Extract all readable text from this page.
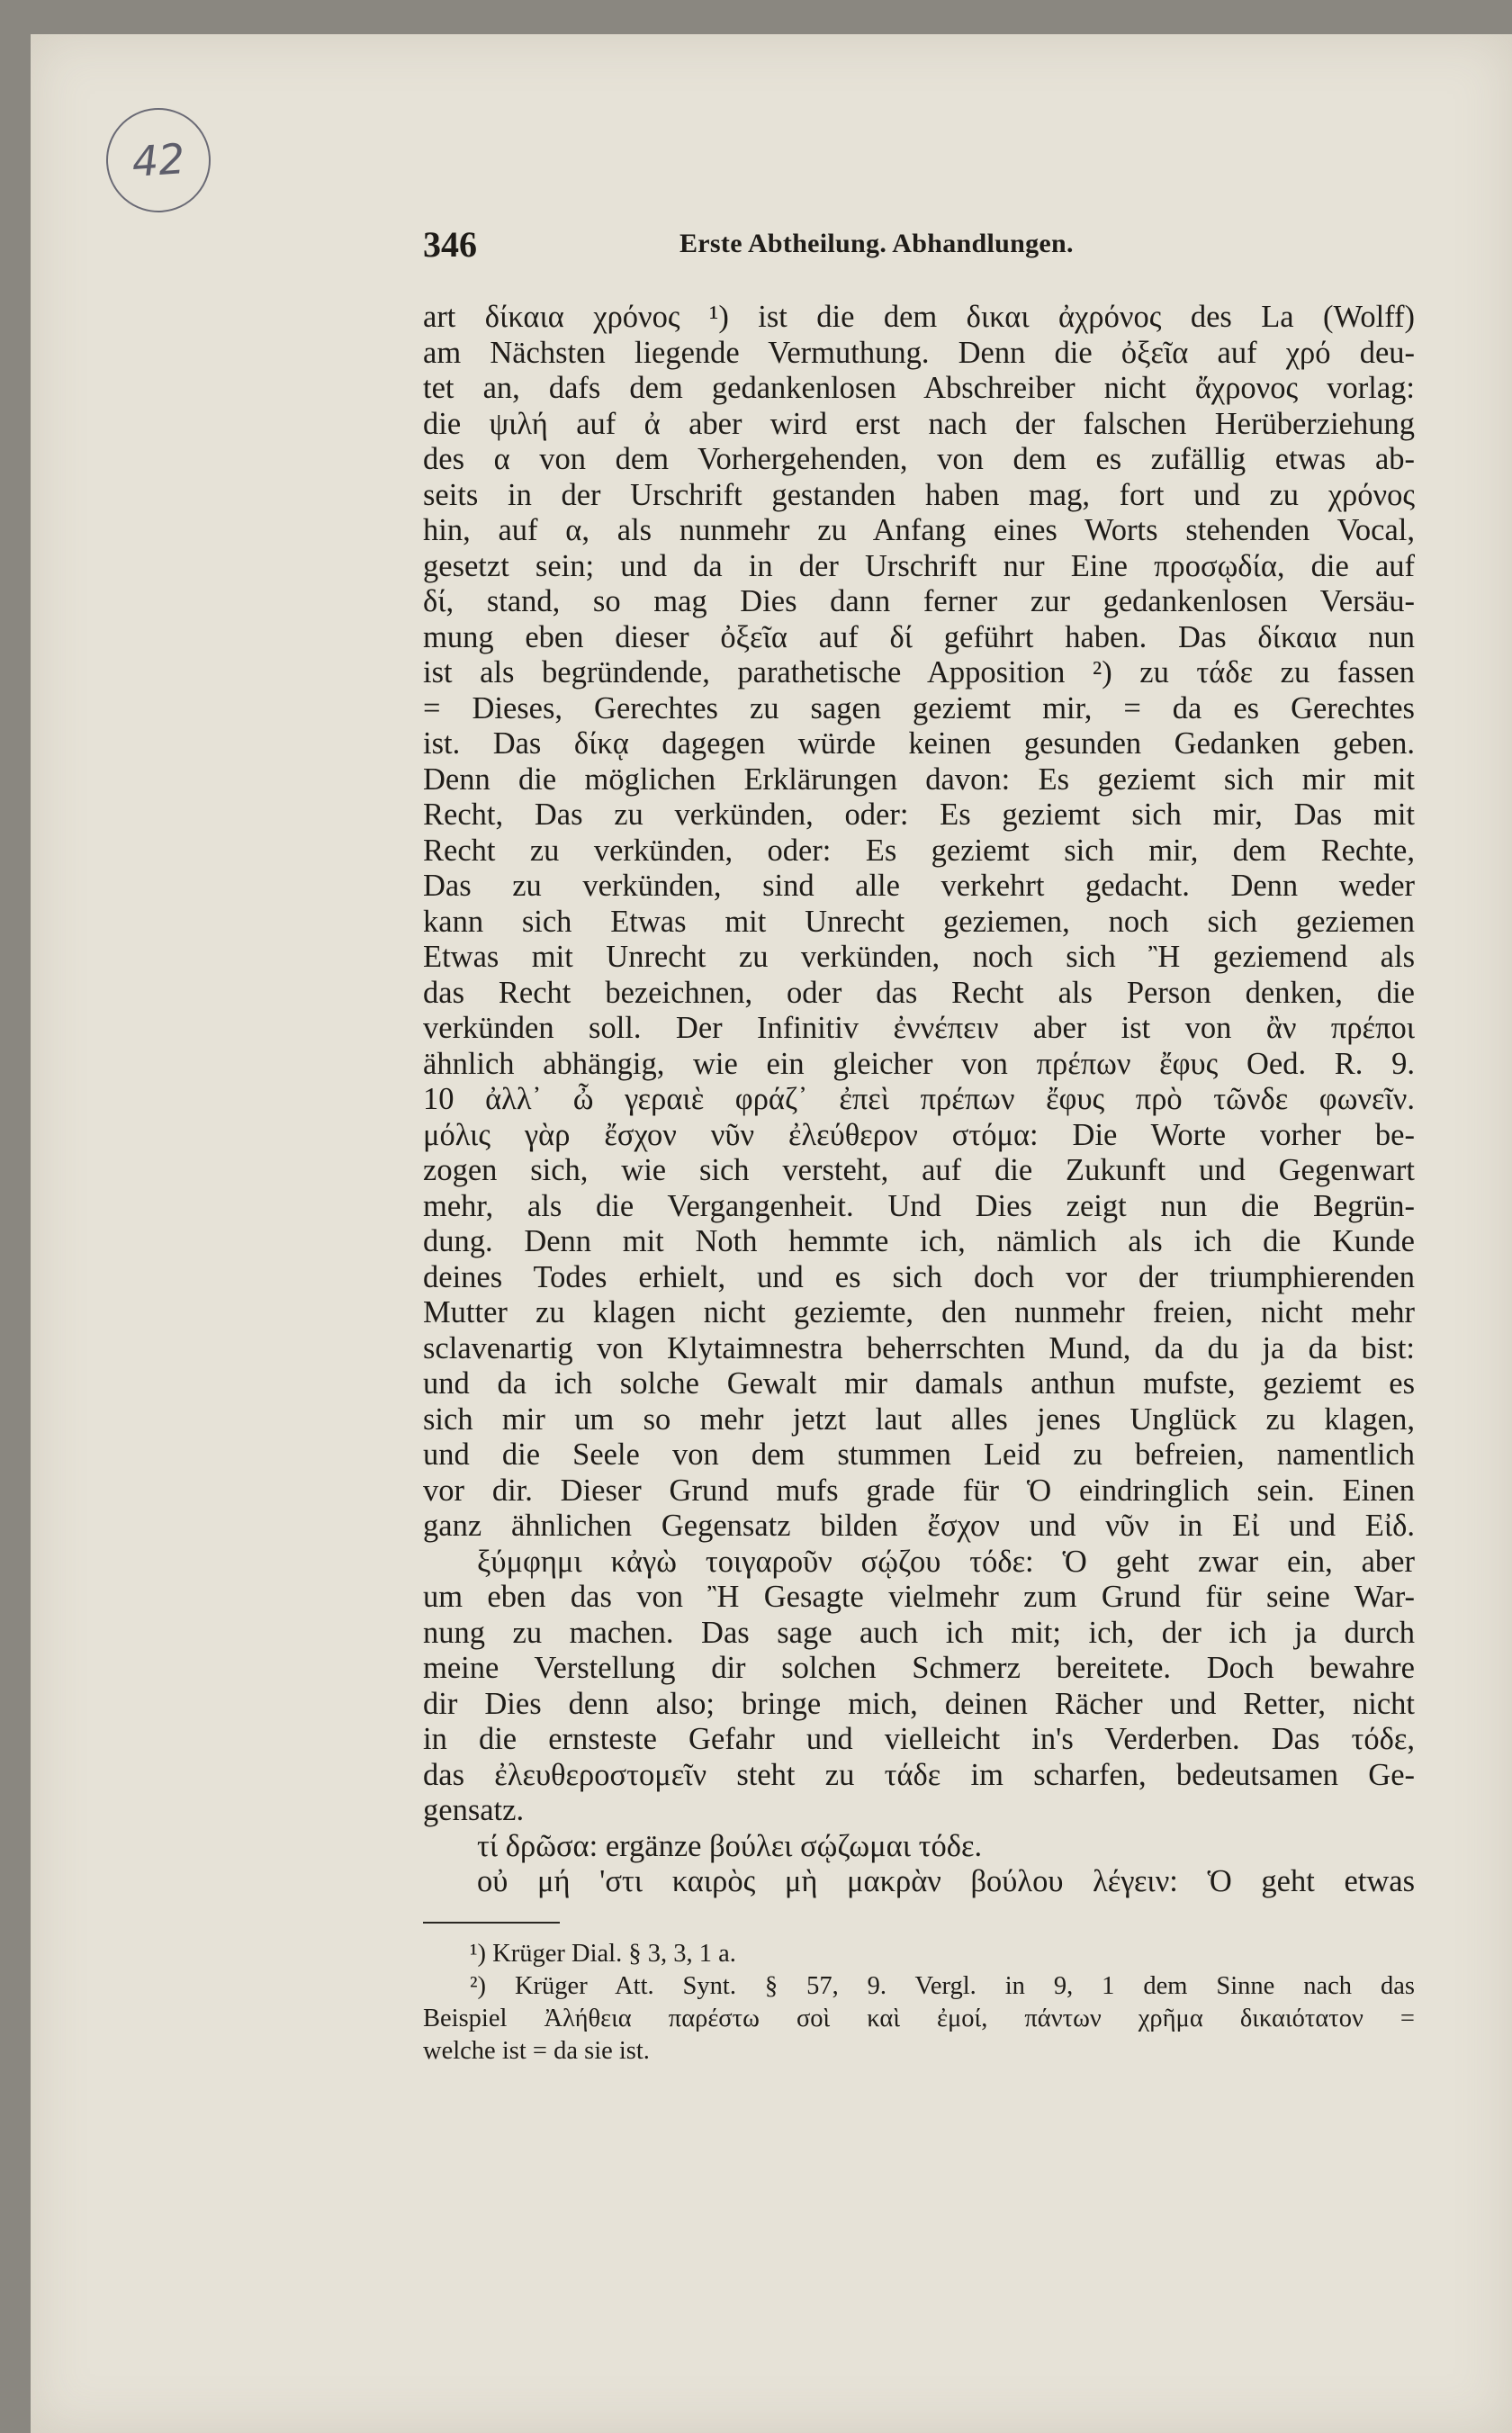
42
346	Erste Abtheilung. Abhandlungen.
art δίκαια χρόνος ¹) ist die dem δικαι ἀχρόνος des La (Wolff)
am Nächsten liegende Vermuthung. Denn die ὀξεῖα auf χρό deu-
tet an, dafs dem gedankenlosen Abschreiber nicht ἄχρονος vorlag:
die ψιλή auf ἀ aber wird erst nach der falschen Herüberziehung
des α von dem Vorhergehenden, von dem es zufällig etwas ab-
seits in der Urschrift gestanden haben mag, fort und zu χρόνος
hin, auf α, als nunmehr zu Anfang eines Worts stehenden Vocal,
gesetzt sein; und da in der Urschrift nur Eine προσῳδία, die auf
δί, stand, so mag Dies dann ferner zur gedankenlosen Versäu-
mung eben dieser ὀξεῖα auf δί geführt haben. Das δίκαια nun
ist als begründende, parathetische Apposition ²) zu τάδε zu fassen
= Dieses, Gerechtes zu sagen geziemt mir, = da es Gerechtes
ist. Das δίκᾳ dagegen würde keinen gesunden Gedanken geben.
Denn die möglichen Erklärungen davon: Es geziemt sich mir mit
Recht, Das zu verkünden, oder: Es geziemt sich mir, Das mit
Recht zu verkünden, oder: Es geziemt sich mir, dem Rechte,
Das zu verkünden, sind alle verkehrt gedacht. Denn weder
kann sich Etwas mit Unrecht geziemen, noch sich geziemen
Etwas mit Unrecht zu verkünden, noch sich Ἢ geziemend als
das Recht bezeichnen, oder das Recht als Person denken, die
verkünden soll. Der Infinitiv ἐννέπειν aber ist von ἂν πρέποι
ähnlich abhängig, wie ein gleicher von πρέπων ἔφυς Oed. R. 9.
10 ἀλλ᾽ ὦ γεραιὲ φράζ᾽ ἐπεὶ πρέπων ἔφυς πρὸ τῶνδε φωνεῖν.
μόλις γὰρ ἔσχον νῦν ἐλεύθερον στόμα: Die Worte vorher be-
zogen sich, wie sich versteht, auf die Zukunft und Gegenwart
mehr, als die Vergangenheit. Und Dies zeigt nun die Begrün-
dung. Denn mit Noth hemmte ich, nämlich als ich die Kunde
deines Todes erhielt, und es sich doch vor der triumphierenden
Mutter zu klagen nicht geziemte, den nunmehr freien, nicht mehr
sclavenartig von Klytaimnestra beherrschten Mund, da du ja da bist:
und da ich solche Gewalt mir damals anthun mufste, geziemt es
sich mir um so mehr jetzt laut alles jenes Unglück zu klagen,
und die Seele von dem stummen Leid zu befreien, namentlich
vor dir. Dieser Grund mufs grade für Ὁ eindringlich sein. Einen
ganz ähnlichen Gegensatz bilden ἔσχον und νῦν in Εἰ und Εἰδ.
ξύμφημι κἀγὼ τοιγαροῦν σῴζου τόδε: Ὁ geht zwar ein, aber
um eben das von Ἢ Gesagte vielmehr zum Grund für seine War-
nung zu machen. Das sage auch ich mit; ich, der ich ja durch
meine Verstellung dir solchen Schmerz bereitete. Doch bewahre
dir Dies denn also; bringe mich, deinen Rächer und Retter, nicht
in die ernsteste Gefahr und vielleicht in's Verderben. Das τόδε,
das ἐλευθεροστομεῖν steht zu τάδε im scharfen, bedeutsamen Ge-
gensatz.
τί δρῶσα: ergänze βούλει σῴζωμαι τόδε.
οὐ μή 'στι καιρὸς μὴ μακρὰν βούλου λέγειν: Ὁ geht etwas
¹) Krüger Dial. § 3, 3, 1 a.
²) Krüger Att. Synt. § 57, 9. Vergl. in 9, 1 dem Sinne nach das
Beispiel Ἀλήθεια παρέστω σοὶ καὶ ἐμοί, πάντων χρῆμα δικαιότατον =
welche ist = da sie ist.
